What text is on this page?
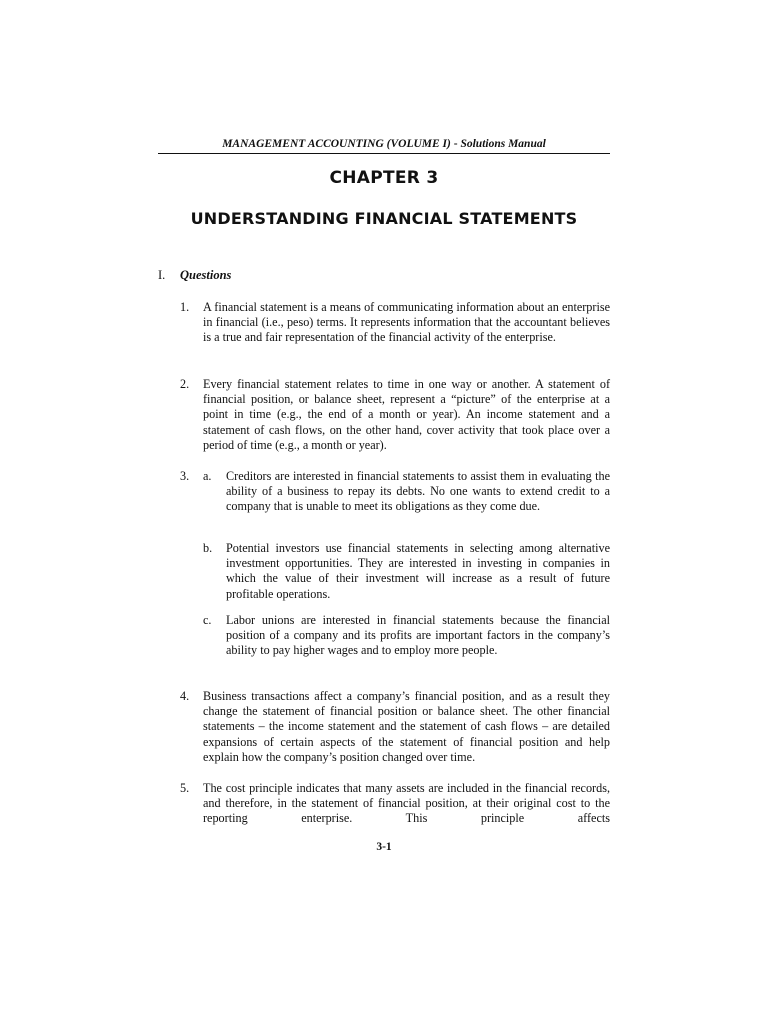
MANAGEMENT ACCOUNTING (VOLUME I) - Solutions Manual
CHAPTER 3
UNDERSTANDING FINANCIAL STATEMENTS
I. Questions
1. A financial statement is a means of communicating information about an enterprise in financial (i.e., peso) terms. It represents information that the accountant believes is a true and fair representation of the financial activity of the enterprise.
2. Every financial statement relates to time in one way or another. A statement of financial position, or balance sheet, represent a “picture” of the enterprise at a point in time (e.g., the end of a month or year). An income statement and a statement of cash flows, on the other hand, cover activity that took place over a period of time (e.g., a month or year).
3. a. Creditors are interested in financial statements to assist them in evaluating the ability of a business to repay its debts. No one wants to extend credit to a company that is unable to meet its obligations as they come due.
b. Potential investors use financial statements in selecting among alternative investment opportunities. They are interested in investing in companies in which the value of their investment will increase as a result of future profitable operations.
c. Labor unions are interested in financial statements because the financial position of a company and its profits are important factors in the company’s ability to pay higher wages and to employ more people.
4. Business transactions affect a company’s financial position, and as a result they change the statement of financial position or balance sheet. The other financial statements – the income statement and the statement of cash flows – are detailed expansions of certain aspects of the statement of financial position and help explain how the company’s position changed over time.
5. The cost principle indicates that many assets are included in the financial records, and therefore, in the statement of financial position, at their original cost to the reporting enterprise. This principle affects
3-1
